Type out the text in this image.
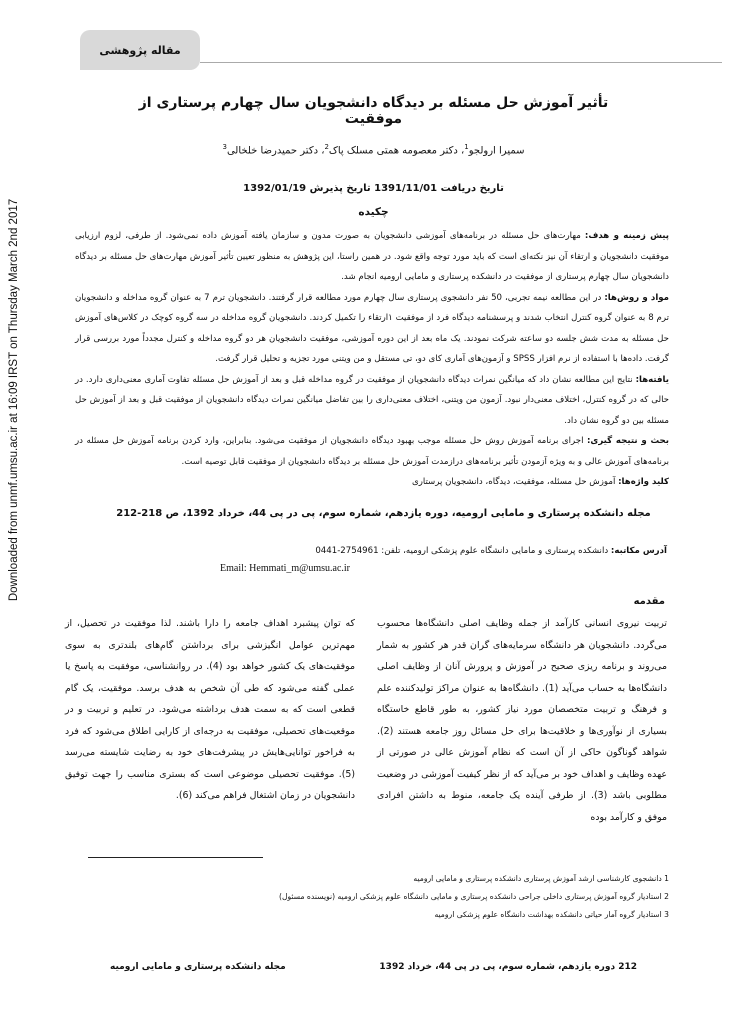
مقاله پژوهشی
Downloaded from unmf.umsu.ac.ir at 16:09 IRST on Thursday March 2nd 2017
تأثیر آموزش حل مسئله بر دیدگاه دانشجویان سال چهارم پرستاری از موفقیت
سمیرا ارولجو$^1$، دکتر معصومه همتی مسلک پاک$^2$، دکتر حمیدرضا خلخالی$^3$
تاریخ دریافت 1391/11/01 تاریخ پذیرش 1392/01/19
چکیده

پیش زمینه و هدف: مهارت‌های حل مسئله در برنامه‌های آموزشی دانشجویان به صورت مدون و سازمان یافته آموزش داده نمی‌شود. از طرفی، لزوم ارزیابی موفقیت دانشجویان و ارتقاء آن نیز نکته‌ای است که باید مورد توجه واقع شود. در همین راستا، این پژوهش به منظور تعیین تأثیر آموزش مهارت‌های حل مسئله بر دیدگاه دانشجویان سال چهارم پرستاری از موفقیت در دانشکده پرستاری و مامایی ارومیه انجام شد.

مواد و روش‌ها: در این مطالعه نیمه تجربی، 50 نفر دانشجوی پرستاری سال چهارم مورد مطالعه قرار گرفتند. دانشجویان ترم 7 به عنوان گروه مداخله و دانشجویان ترم 8 به عنوان گروه کنترل انتخاب شدند و پرسشنامه دیدگاه فرد از موفقیت ۱ارتقاء را تکمیل کردند. دانشجویان گروه مداخله در سه گروه کوچک در کلاس‌های آموزش حل مسئله به مدت شش جلسه دو ساعته شرکت نمودند. یک ماه بعد از این دوره آموزشی، موفقیت دانشجویان هر دو گروه مداخله و کنترل مجدداً مورد بررسی قرار گرفت. داده‌ها با استفاده از نرم افزار SPSS و آزمون‌های آماری کای دو، تی مستقل و من ویتنی مورد تجزیه و تحلیل قرار گرفت.

یافته‌ها: نتایج این مطالعه نشان داد که میانگین نمرات دیدگاه دانشجویان از موفقیت در گروه مداخله قبل و بعد از آموزش حل مسئله تفاوت آماری معنی‌داری دارد. در حالی که در گروه کنترل، اختلاف معنی‌دار نبود. آزمون من ویتنی، اختلاف معنی‌داری را بین تفاضل میانگین نمرات دیدگاه دانشجویان از موفقیت قبل و بعد از آموزش حل مسئله بین دو گروه نشان داد.

بحث و نتیجه گیری: اجرای برنامه آموزش روش حل مسئله موجب بهبود دیدگاه دانشجویان از موفقیت می‌شود. بنابراین، وارد کردن برنامه آموزش حل مسئله در برنامه‌های آموزش عالی و به ویژه آزمودن تأثیر برنامه‌های درازمدت آموزش حل مسئله بر دیدگاه دانشجویان از موفقیت قابل توصیه است.

کلید واژه‌ها: آموزش حل مسئله، موفقیت، دیدگاه، دانشجویان پرستاری

مجله دانشکده پرستاری و مامایی ارومیه، دوره یازدهم، شماره سوم، پی در پی 44، خرداد 1392، ص 218-212
آدرس مکاتبه: دانشکده پرستاری و مامایی دانشگاه علوم پزشکی ارومیه، تلفن: 2754961-0441
Email: Hemmati_m@umsu.ac.ir
مقدمه

تربیت نیروی انسانی کارآمد از جمله وظایف اصلی دانشگاه‌ها محسوب می‌گردد. دانشجویان هر دانشگاه سرمایه‌های گران قدر هر کشور به شمار می‌روند و برنامه ریزی صحیح در آموزش و پرورش آنان از وظایف اصلی دانشگاه‌ها به حساب می‌آید (1). دانشگاه‌ها به عنوان مراکز تولیدکننده علم و فرهنگ و تربیت متخصصان مورد نیاز کشور، به طور قاطع خاستگاه بسیاری از نوآوری‌ها و خلاقیت‌ها برای حل مسائل روز جامعه هستند (2). شواهد گوناگون حاکی از آن است که نظام آموزش عالی در صورتی از عهده وظایف و اهداف خود بر می‌آید که از نظر کیفیت آموزشی در وضعیت مطلوبی باشد (3). از طرفی آینده یک جامعه، منوط به داشتن افرادی موفق و کارآمد بوده

که توان پیشبرد اهداف جامعه را دارا باشند. لذا موفقیت در تحصیل، از مهم‌ترین عوامل انگیزشی برای برداشتن گام‌های بلندتری به سوی موفقیت‌های یک کشور خواهد بود (4). در روانشناسی، موفقیت به پاسخ یا عملی گفته می‌شود که طی آن شخص به هدف برسد. موفقیت، یک گام قطعی است که به سمت هدف برداشته می‌شود. در تعلیم و تربیت و در موقعیت‌های تحصیلی، موفقیت به درجه‌ای از کارایی اطلاق می‌شود که فرد به فراخور توانایی‌هایش در پیشرفت‌های خود به رضایت شایسته می‌رسد (5). موفقیت تحصیلی موضوعی است که بستری مناسب را جهت توفیق دانشجویان در زمان اشتغال فراهم می‌کند (6).

1 دانشجوی کارشناسی ارشد آموزش پرستاری دانشکده پرستاری و مامایی ارومیه
2 استادیار گروه آموزش پرستاری داخلی جراحی دانشکده پرستاری و مامایی دانشگاه علوم پزشکی ارومیه (نویسنده مسئول)
3 استادیار گروه آمار حیاتی دانشکده بهداشت دانشگاه علوم پزشکی ارومیه
212 دوره یازدهم، شماره سوم، پی در پی 44، خرداد 1392
مجله دانشکده پرستاری و مامایی ارومیه
